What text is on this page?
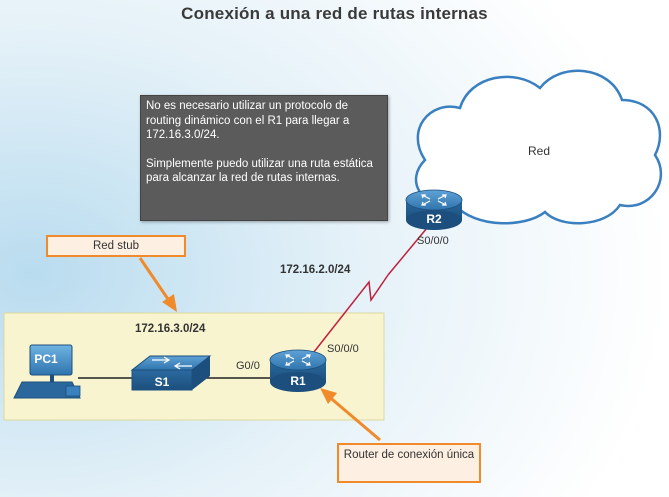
PC1
S1	R1
R2
Conexión a una red de rutas internas

No es necesario utilizar un protocolo de routing dinámico con el R1 para llegar a 172.16.3.0/24.

Simplemente puedo utilizar una ruta estática para alcanzar la red de rutas internas.

Red
Red stub
Router de conexión única
S0/0/0
172.16.2.0/24
172.16.3.0/24
S0/0/0
G0/0
